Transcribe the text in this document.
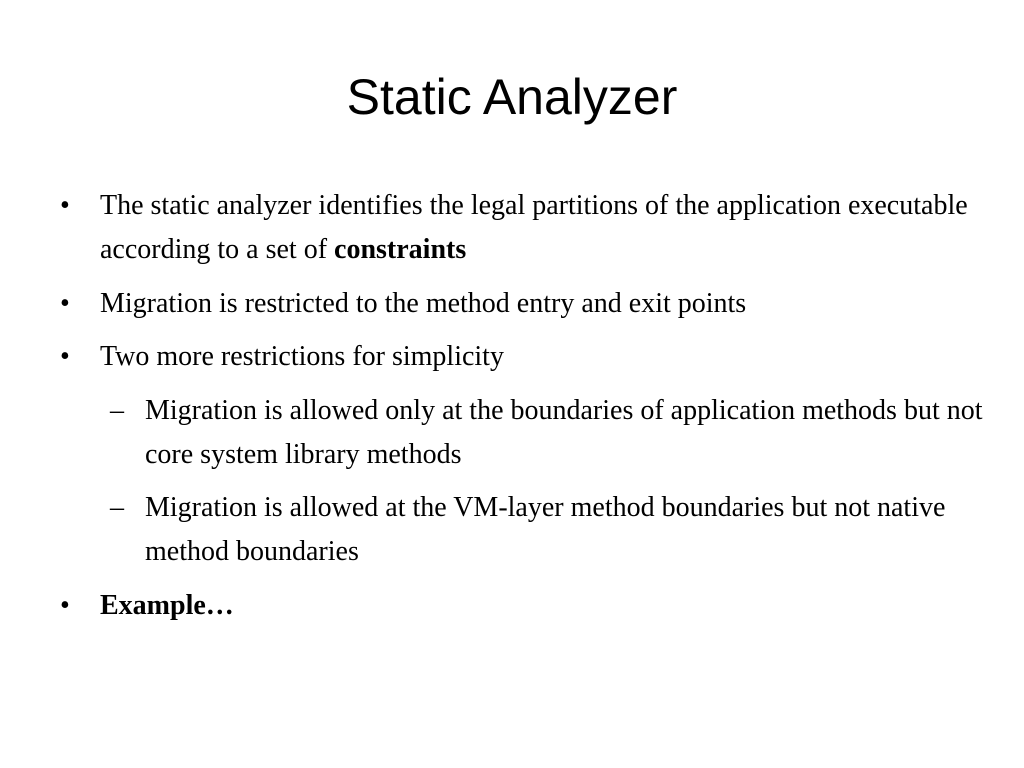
Static Analyzer
• The static analyzer identifies the legal partitions of the application executable according to a set of constraints
• Migration is restricted to the method entry and exit points
• Two more restrictions for simplicity
– Migration is allowed only at the boundaries of application methods but not core system library methods
– Migration is allowed at the VM-layer method boundaries but not native method boundaries
• Example…
